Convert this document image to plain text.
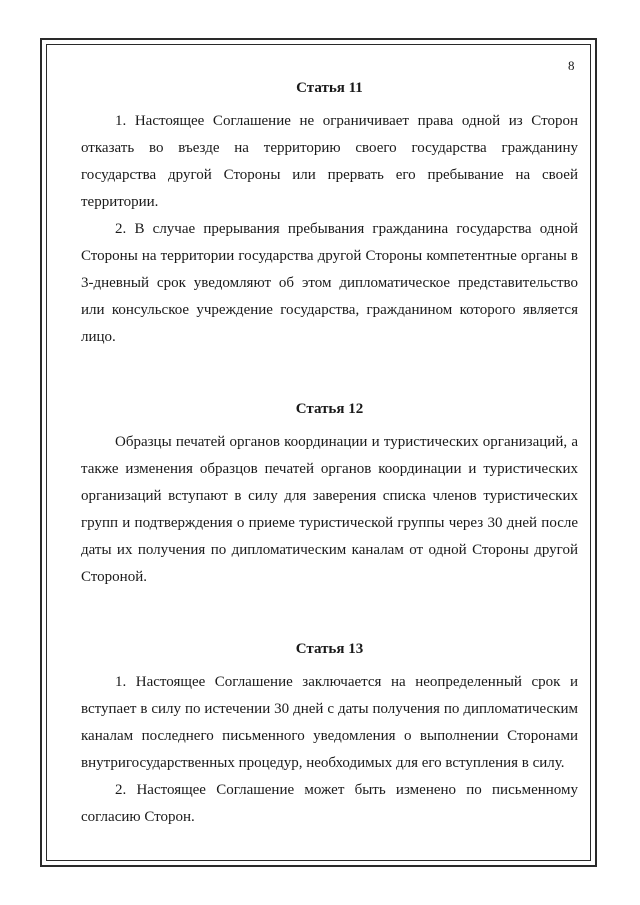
8
Статья 11

1. Настоящее Соглашение не ограничивает права одной из Сторон отказать во въезде на территорию своего государства гражданину государства другой Стороны или прервать его пребывание на своей территории.

2. В случае прерывания пребывания гражданина государства одной Стороны на территории государства другой Стороны компетентные органы в 3-дневный срок уведомляют об этом дипломатическое представительство или консульское учреждение государства, гражданином которого является лицо.

Статья 12

Образцы печатей органов координации и туристических организаций, а также изменения образцов печатей органов координации и туристических организаций вступают в силу для заверения списка членов туристических групп и подтверждения о приеме туристической группы через 30 дней после даты их получения по дипломатическим каналам от одной Стороны другой Стороной.

Статья 13

1. Настоящее Соглашение заключается на неопределенный срок и вступает в силу по истечении 30 дней с даты получения по дипломатическим каналам последнего письменного уведомления о выполнении Сторонами внутригосударственных процедур, необходимых для его вступления в силу.

2. Настоящее Соглашение может быть изменено по письменному согласию Сторон.
